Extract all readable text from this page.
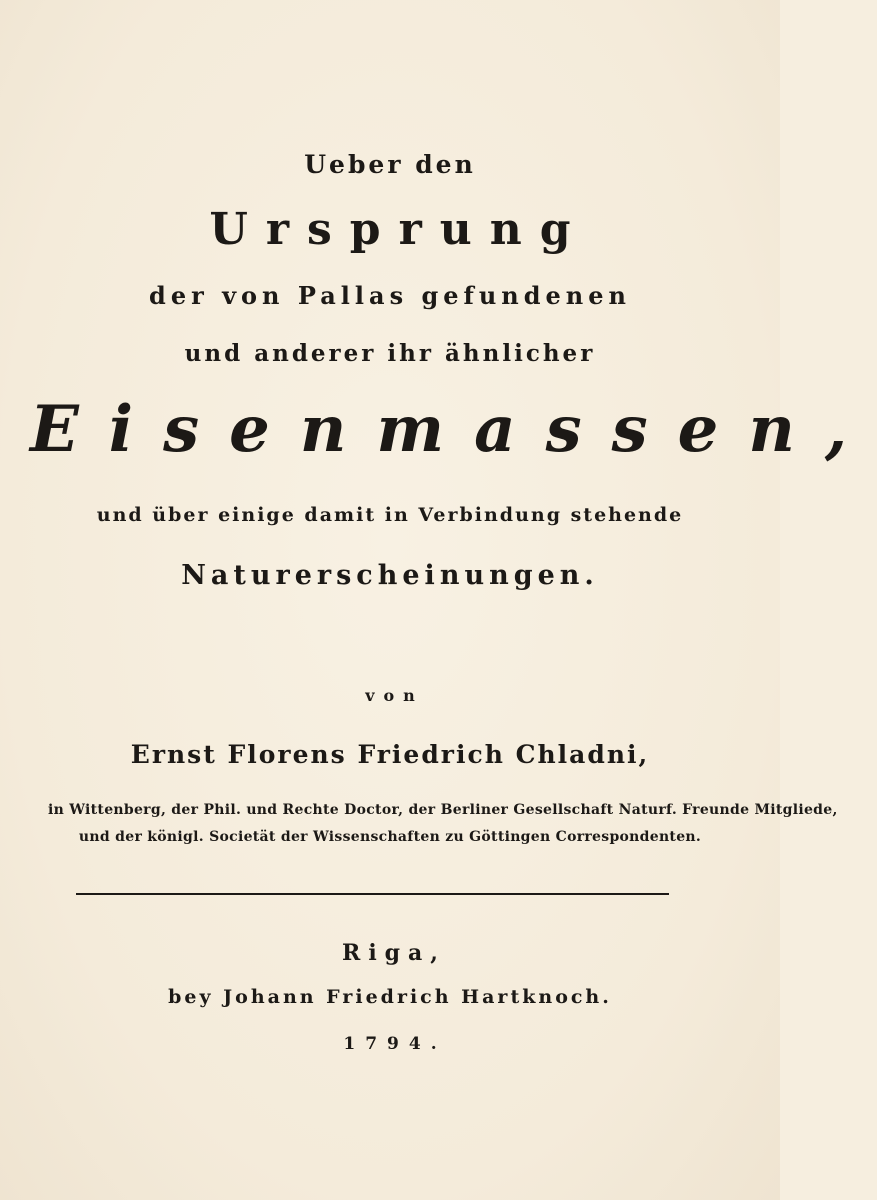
Ueber den
Ursprung
der von Pallas gefundenen
und anderer ihr ähnlicher
Eisenmassen,
und über einige damit in Verbindung stehende
Naturerscheinungen.
von
Ernst Florens Friedrich Chladni,
in Wittenberg, der Phil. und Rechte Doctor, der Berliner Gesellschaft Naturf. Freunde Mitgliede,
und der königl. Societät der Wissenschaften zu Göttingen Correspondenten.
Riga,
bey Johann Friedrich Hartknoch.
1794.
